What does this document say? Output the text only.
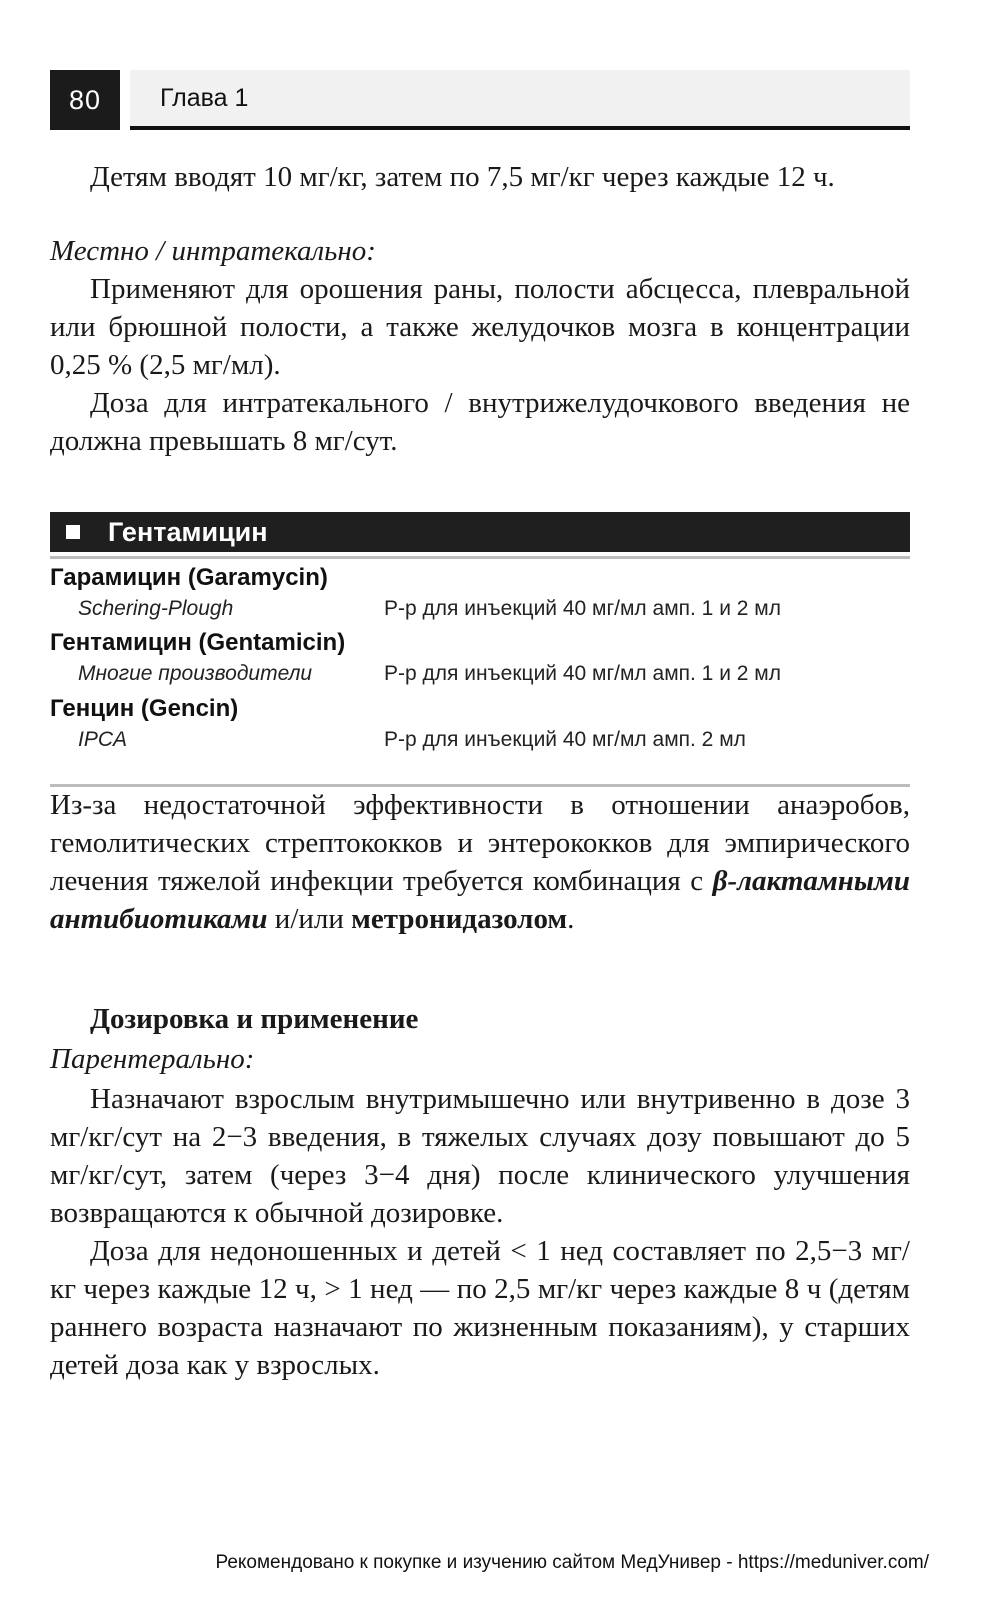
80	Глава 1

Детям вводят 10 мг/кг, затем по 7,5 мг/кг через каждые 12 ч.

Местно / интратекально:

Применяют для орошения раны, полости абсцесса, плевральной или брюшной полости, а также желудочков мозга в концентрации 0,25 % (2,5 мг/мл).

Доза для интратекального / внутрижелудочкового введения не должна превышать 8 мг/сут.

Гентамицин
Гарамицин (Garamycin)
Schering-Plough	Р-р для инъекций 40 мг/мл амп. 1 и 2 мл
Гентамицин (Gentamicin)
Многие производители	Р-р для инъекций 40 мг/мл амп. 1 и 2 мл
Генцин (Gencin)
IPCA	Р-р для инъекций 40 мг/мл амп. 2 мл

Из-за недостаточной эффективности в отношении анаэробов, гемолитических стрептококков и энтерококков для эмпирического лечения тяжелой инфекции требуется комбинация с β-лактамными антибиотиками и/или метронидазолом.

Дозировка и применение

Парентерально:

Назначают взрослым внутримышечно или внутривенно в дозе 3 мг/кг/сут на 2−3 введения, в тяжелых случаях дозу повышают до 5 мг/кг/сут, затем (через 3−4 дня) после клинического улучшения возвращаются к обычной дозировке.

Доза для недоношенных и детей < 1 нед составляет по 2,5−3 мг/кг через каждые 12 ч, > 1 нед — по 2,5 мг/кг через каждые 8 ч (детям раннего возраста назначают по жизненным показаниям), у старших детей доза как у взрослых.

Рекомендовано к покупке и изучению сайтом МедУнивер - https://meduniver.com/
